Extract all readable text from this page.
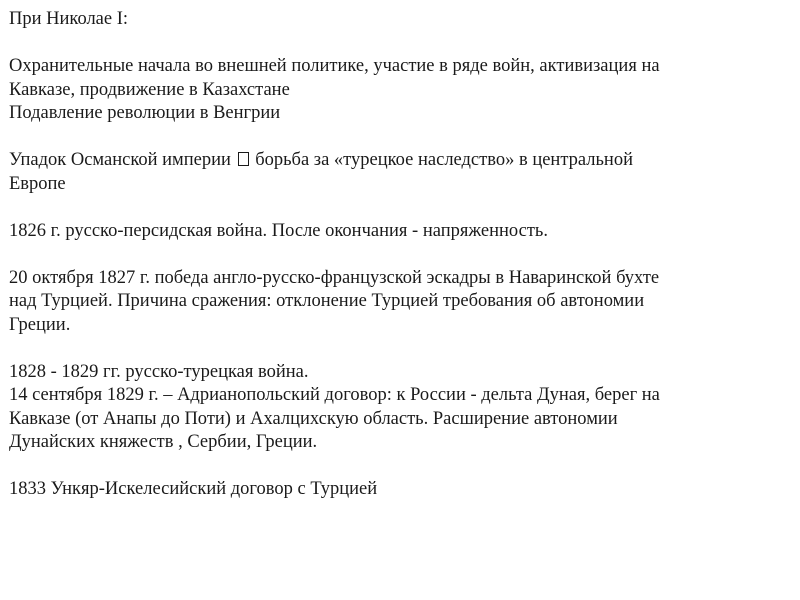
При Николае I:
Охранительные начала во внешней политике, участие в ряде войн, активизация на
Кавказе, продвижение в Казахстане
Подавление революции в Венгрии
Упадок Османской империи борьба за «турецкое наследство» в центральной
Европе
1826 г. русско-персидская война. После окончания - напряженность.
20 октября 1827 г. победа англо-русско-французской эскадры в Наваринской бухте
над Турцией. Причина сражения: отклонение Турцией требования об автономии
Греции.
1828 - 1829 гг. русско-турецкая война.
14 сентября 1829 г. – Адрианопольский договор: к России - дельта Дуная, берег на
Кавказе (от Анапы до Поти) и Ахалцихскую область. Расширение автономии
Дунайских княжеств , Сербии, Греции.
1833 Ункяр-Искелесийский договор с Турцией
